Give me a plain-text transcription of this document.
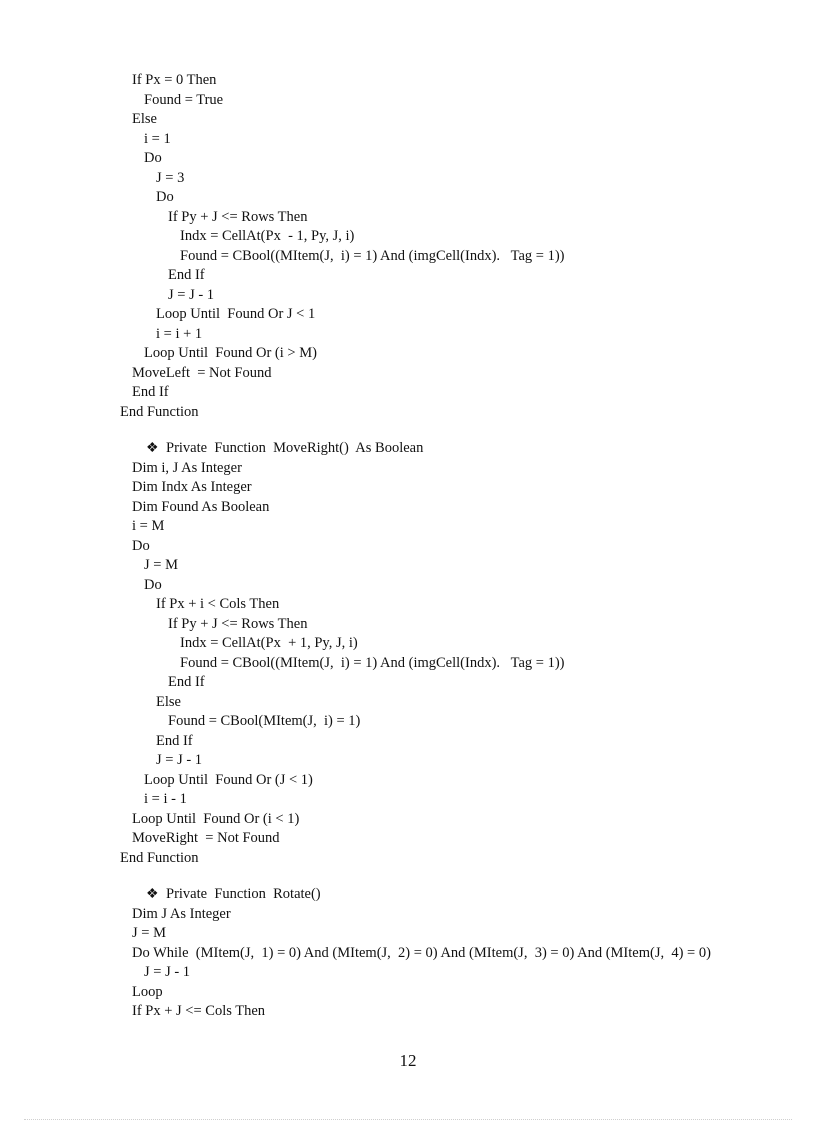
If Px = 0 Then
Found = True
Else
i = 1
Do
J = 3
Do
If Py + J <= Rows Then
Indx = CellAt(Px  - 1, Py, J, i)
Found = CBool((MItem(J,  i) = 1) And (imgCell(Indx).   Tag = 1))
End If
J = J - 1
Loop Until  Found Or J < 1
i = i + 1
Loop Until  Found Or (i > M)
MoveLeft  = Not Found
End If
End Function
❖ Private  Function  MoveRight()  As Boolean
Dim i, J As Integer
Dim Indx As Integer
Dim Found As Boolean
i = M
Do
J = M
Do
If Px + i < Cols Then
If Py + J <= Rows Then
Indx = CellAt(Px  + 1, Py, J, i)
Found = CBool((MItem(J,  i) = 1) And (imgCell(Indx).   Tag = 1))
End If
Else
Found = CBool(MItem(J,  i) = 1)
End If
J = J - 1
Loop Until  Found Or (J < 1)
i = i - 1
Loop Until  Found Or (i < 1)
MoveRight  = Not Found
End Function
❖ Private  Function  Rotate()
Dim J As Integer
J = M
Do While  (MItem(J,  1) = 0) And (MItem(J,  2) = 0) And (MItem(J,  3) = 0) And (MItem(J,  4) = 0)
J = J - 1
Loop
If Px + J <= Cols Then
12
